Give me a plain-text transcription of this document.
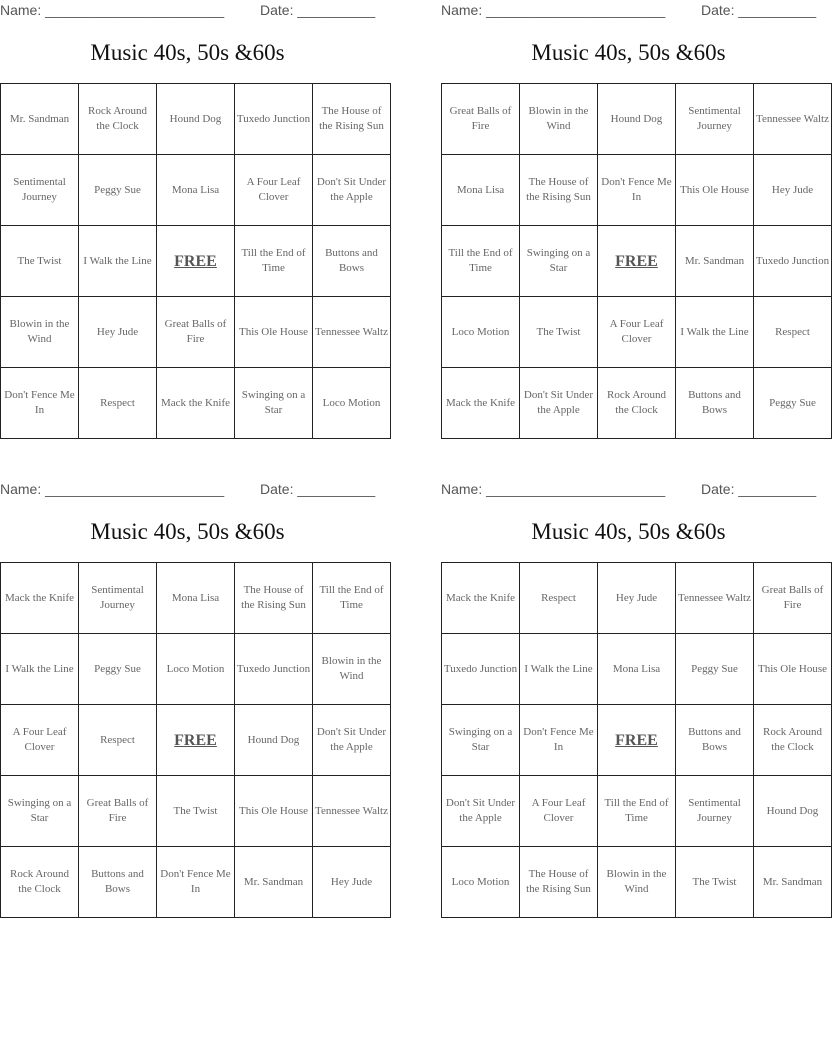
Name: _______________________	Date: __________
Music 40s, 50s &60s
Mr. Sandman	Rock Around the Clock	Hound Dog	Tuxedo Junction	The House of the Rising Sun
Sentimental Journey	Peggy Sue	Mona Lisa	A Four Leaf Clover	Don't Sit Under the Apple
The Twist	I Walk the Line	FREE	Till the End of Time	Buttons and Bows
Blowin in the Wind	Hey Jude	Great Balls of Fire	This Ole House	Tennessee Waltz
Don't Fence Me In	Respect	Mack the Knife	Swinging on a Star	Loco Motion
Name: _______________________	Date: __________
Music 40s, 50s &60s
Great Balls of Fire	Blowin in the Wind	Hound Dog	Sentimental Journey	Tennessee Waltz
Mona Lisa	The House of the Rising Sun	Don't Fence Me In	This Ole House	Hey Jude
Till the End of Time	Swinging on a Star	FREE	Mr. Sandman	Tuxedo Junction
Loco Motion	The Twist	A Four Leaf Clover	I Walk the Line	Respect
Mack the Knife	Don't Sit Under the Apple	Rock Around the Clock	Buttons and Bows	Peggy Sue
Name: _______________________	Date: __________
Music 40s, 50s &60s
Mack the Knife	Sentimental Journey	Mona Lisa	The House of the Rising Sun	Till the End of Time
I Walk the Line	Peggy Sue	Loco Motion	Tuxedo Junction	Blowin in the Wind
A Four Leaf Clover	Respect	FREE	Hound Dog	Don't Sit Under the Apple
Swinging on a Star	Great Balls of Fire	The Twist	This Ole House	Tennessee Waltz
Rock Around the Clock	Buttons and Bows	Don't Fence Me In	Mr. Sandman	Hey Jude
Name: _______________________	Date: __________
Music 40s, 50s &60s
Mack the Knife	Respect	Hey Jude	Tennessee Waltz	Great Balls of Fire
Tuxedo Junction	I Walk the Line	Mona Lisa	Peggy Sue	This Ole House
Swinging on a Star	Don't Fence Me In	FREE	Buttons and Bows	Rock Around the Clock
Don't Sit Under the Apple	A Four Leaf Clover	Till the End of Time	Sentimental Journey	Hound Dog
Loco Motion	The House of the Rising Sun	Blowin in the Wind	The Twist	Mr. Sandman
